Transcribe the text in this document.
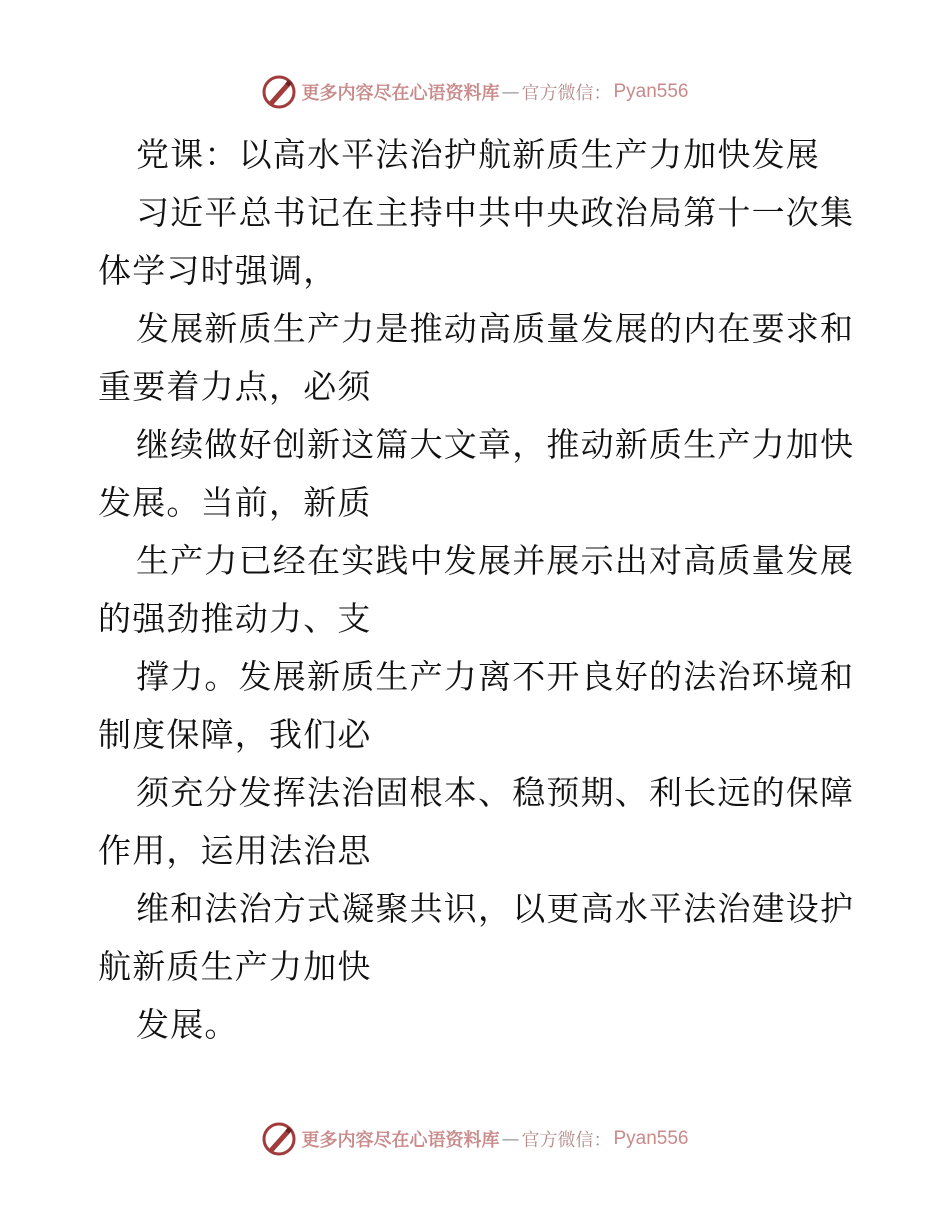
更多内容尽在心语资料库 — 官方微信： Pyan556
党课：以高水平法治护航新质生产力加快发展
习近平总书记在主持中共中央政治局第十一次集
体学习时强调，
发展新质生产力是推动高质量发展的内在要求和
重要着力点，必须
继续做好创新这篇大文章，推动新质生产力加快
发展。当前，新质
生产力已经在实践中发展并展示出对高质量发展
的强劲推动力、支
撑力。发展新质生产力离不开良好的法治环境和
制度保障，我们必
须充分发挥法治固根本、稳预期、利长远的保障
作用，运用法治思
维和法治方式凝聚共识，以更高水平法治建设护
航新质生产力加快
发展。
更多内容尽在心语资料库 — 官方微信： Pyan556
